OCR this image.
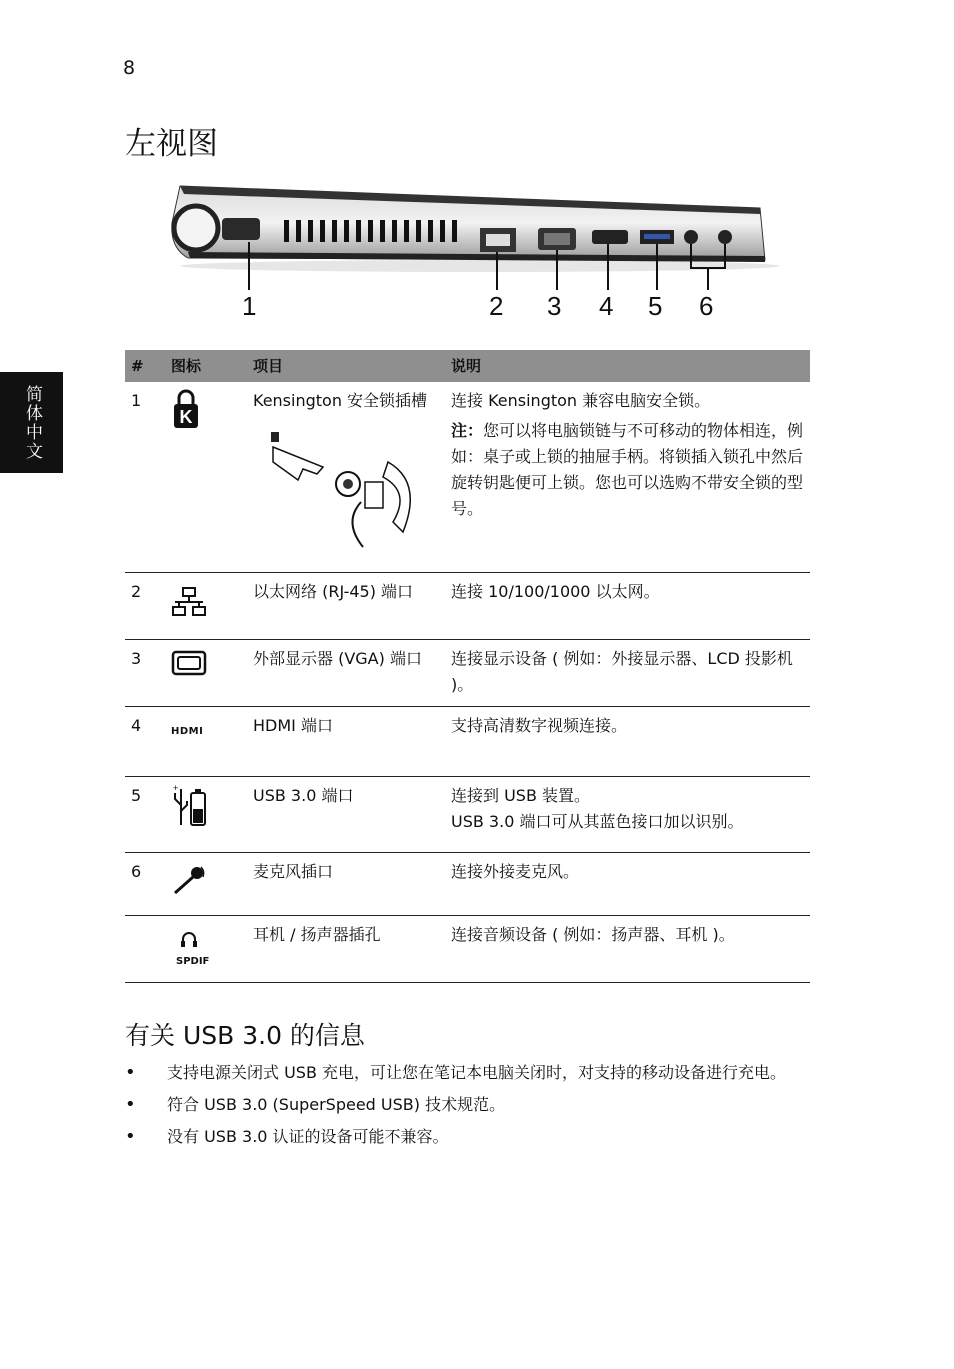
8
简体中文
左视图
1	2 3 4 5 6
#	图标	项目	说明
1	K	Kensington 安全锁插槽	连接 Kensington 兼容电脑安全锁。
注：您可以将电脑锁链与不可移动的物体相连，例如：桌子或上锁的抽屉手柄。将锁插入锁孔中然后旋转钥匙便可上锁。您也可以选购不带安全锁的型号。

2		以太网络 (RJ-45) 端口	连接 10/100/1000 以太网。
3		外部显示器 (VGA) 端口	连接显示设备 ( 例如：外接显示器、LCD 投影机 )。
4	HDMI	HDMI 端口	支持高清数字视频连接。
5	+	USB 3.0 端口	连接到 USB 装置。
USB 3.0 端口可从其蓝色接口加以识别。

6		麦克风插口	连接外接麦克风。

	SPDIF	耳机 / 扬声器插孔	连接音频设备 ( 例如：扬声器、耳机 )。
有关 USB 3.0 的信息
• 支持电源关闭式 USB 充电，可让您在笔记本电脑关闭时，对支持的移动设备进行充电。
• 符合 USB 3.0 (SuperSpeed USB) 技术规范。
• 没有 USB 3.0 认证的设备可能不兼容。
